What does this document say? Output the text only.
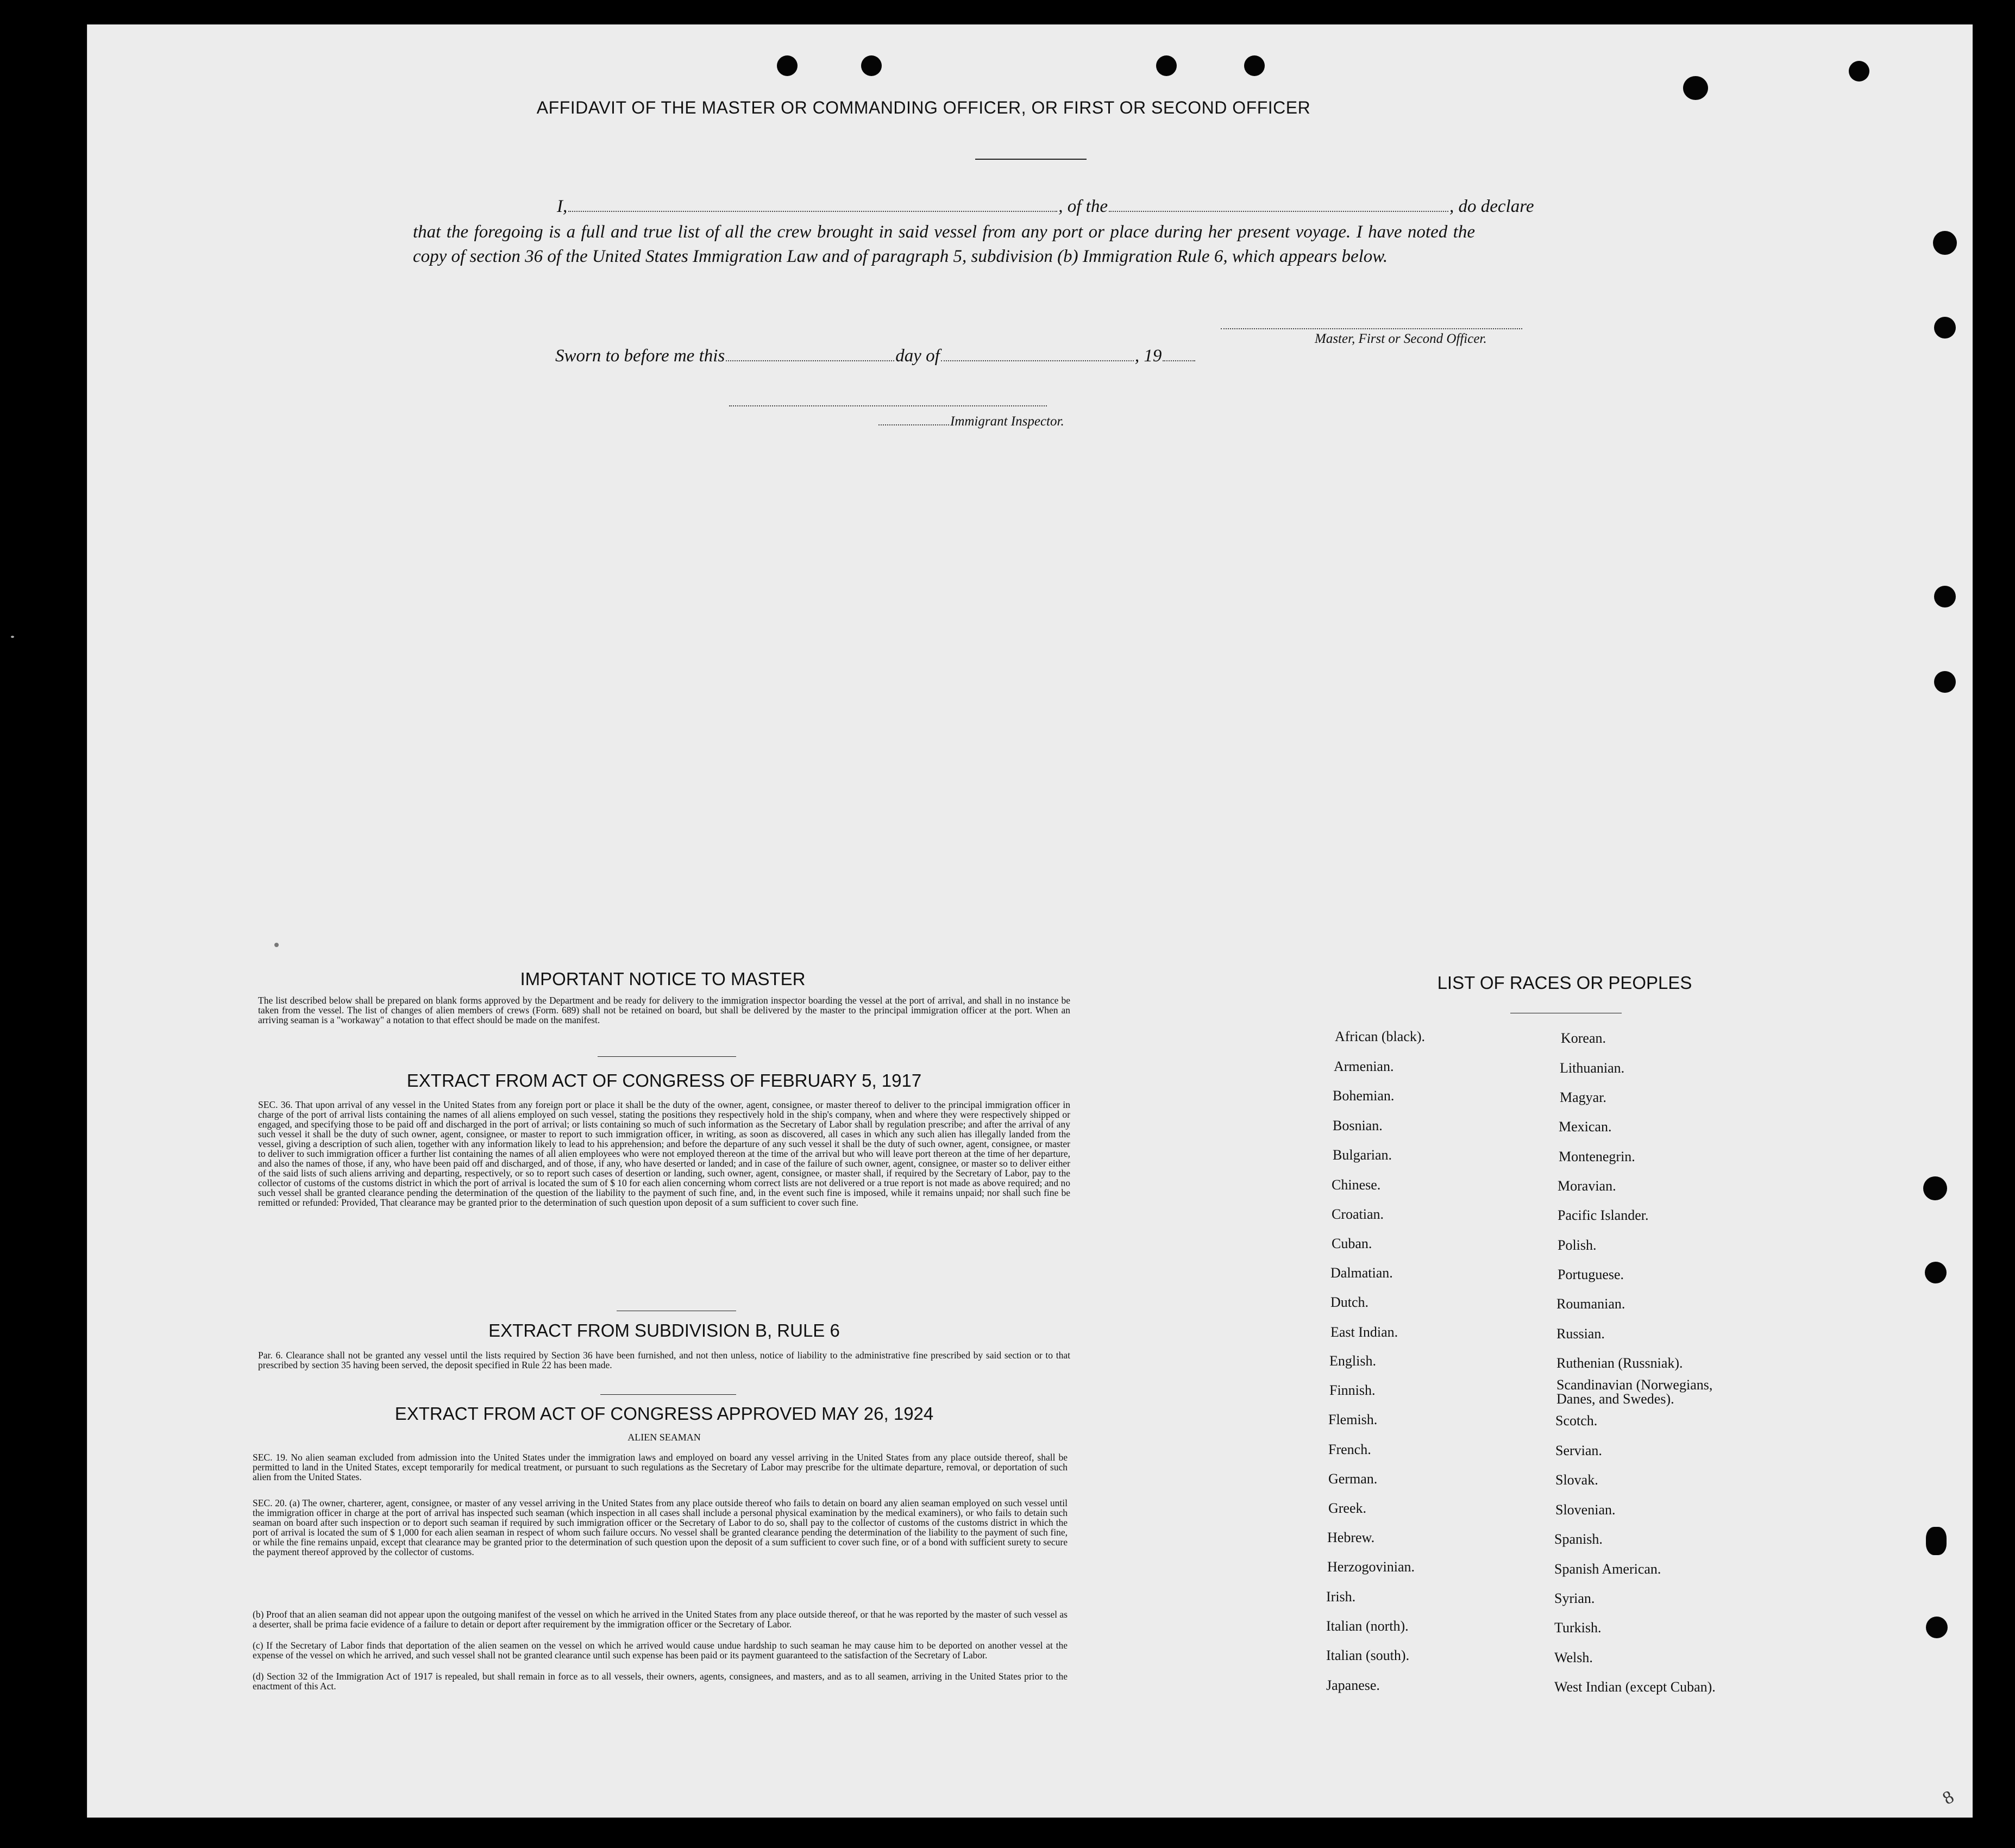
AFFIDAVIT OF THE MASTER OR COMMANDING OFFICER, OR FIRST OR SECOND OFFICER
I,	, of the	, do declare
that the foregoing is a full and true list of all the crew brought in said vessel from any port or place during her present voyage. I have noted the copy of section 36 of the United States Immigration Law and of paragraph 5, subdivision (b) Immigration Rule 6, which appears below.
Master, First or Second Officer.
Sworn to before me this	day of	, 19
Immigrant Inspector.
IMPORTANT NOTICE TO MASTER
The list described below shall be prepared on blank forms approved by the Department and be ready for delivery to the immigration inspector boarding the vessel at the port of arrival, and shall in no instance be taken from the vessel. The list of changes of alien members of crews (Form. 689) shall not be retained on board, but shall be delivered by the master to the principal immigration officer at the port. When an arriving seaman is a "workaway" a notation to that effect should be made on the manifest.
EXTRACT FROM ACT OF CONGRESS OF FEBRUARY 5, 1917
SEC. 36. That upon arrival of any vessel in the United States from any foreign port or place it shall be the duty of the owner, agent, consignee, or master thereof to deliver to the principal immigration officer in charge of the port of arrival lists containing the names of all aliens employed on such vessel, stating the positions they respectively hold in the ship's company, when and where they were respectively shipped or engaged, and specifying those to be paid off and discharged in the port of arrival; or lists containing so much of such information as the Secretary of Labor shall by regulation prescribe; and after the arrival of any such vessel it shall be the duty of such owner, agent, consignee, or master to report to such immigration officer, in writing, as soon as discovered, all cases in which any such alien has illegally landed from the vessel, giving a description of such alien, together with any information likely to lead to his apprehension; and before the departure of any such vessel it shall be the duty of such owner, agent, consignee, or master to deliver to such immigration officer a further list containing the names of all alien employees who were not employed thereon at the time of the arrival but who will leave port thereon at the time of her departure, and also the names of those, if any, who have been paid off and discharged, and of those, if any, who have deserted or landed; and in case of the failure of such owner, agent, consignee, or master so to deliver either of the said lists of such aliens arriving and departing, respectively, or so to report such cases of desertion or landing, such owner, agent, consignee, or master shall, if required by the Secretary of Labor, pay to the collector of customs of the customs district in which the port of arrival is located the sum of $ 10 for each alien concerning whom correct lists are not delivered or a true report is not made as above required; and no such vessel shall be granted clearance pending the determination of the question of the liability to the payment of such fine, and, in the event such fine is imposed, while it remains unpaid; nor shall such fine be remitted or refunded: Provided, That clearance may be granted prior to the determination of such question upon deposit of a sum sufficient to cover such fine.
EXTRACT FROM SUBDIVISION B, RULE 6
Par. 6. Clearance shall not be granted any vessel until the lists required by Section 36 have been furnished, and not then unless, notice of liability to the administrative fine prescribed by said section or to that prescribed by section 35 having been served, the deposit specified in Rule 22 has been made.
EXTRACT FROM ACT OF CONGRESS APPROVED MAY 26, 1924
ALIEN SEAMAN
SEC. 19. No alien seaman excluded from admission into the United States under the immigration laws and employed on board any vessel arriving in the United States from any place outside thereof, shall be permitted to land in the United States, except temporarily for medical treatment, or pursuant to such regulations as the Secretary of Labor may prescribe for the ultimate departure, removal, or deportation of such alien from the United States.
SEC. 20. (a) The owner, charterer, agent, consignee, or master of any vessel arriving in the United States from any place outside thereof who fails to detain on board any alien seaman employed on such vessel until the immigration officer in charge at the port of arrival has inspected such seaman (which inspection in all cases shall include a personal physical examination by the medical examiners), or who fails to detain such seaman on board after such inspection or to deport such seaman if required by such immigration officer or the Secretary of Labor to do so, shall pay to the collector of customs of the customs district in which the port of arrival is located the sum of $ 1,000 for each alien seaman in respect of whom such failure occurs. No vessel shall be granted clearance pending the determination of the liability to the payment of such fine, or while the fine remains unpaid, except that clearance may be granted prior to the determination of such question upon the deposit of a sum sufficient to cover such fine, or of a bond with sufficient surety to secure the payment thereof approved by the collector of customs.
(b) Proof that an alien seaman did not appear upon the outgoing manifest of the vessel on which he arrived in the United States from any place outside thereof, or that he was reported by the master of such vessel as a deserter, shall be prima facie evidence of a failure to detain or deport after requirement by the immigration officer or the Secretary of Labor.
(c) If the Secretary of Labor finds that deportation of the alien seamen on the vessel on which he arrived would cause undue hardship to such seaman he may cause him to be deported on another vessel at the expense of the vessel on which he arrived, and such vessel shall not be granted clearance until such expense has been paid or its payment guaranteed to the satisfaction of the Secretary of Labor.
(d) Section 32 of the Immigration Act of 1917 is repealed, but shall remain in force as to all vessels, their owners, agents, consignees, and masters, and as to all seamen, arriving in the United States prior to the enactment of this Act.
LIST OF RACES OR PEOPLES
African (black).
Armenian.
Bohemian.
Bosnian.
Bulgarian.
Chinese.
Croatian.
Cuban.
Dalmatian.
Dutch.
East Indian.
English.
Finnish.
Flemish.
French.
German.
Greek.
Hebrew.
Herzogovinian.
Irish.
Italian (north).
Italian (south).
Japanese.
Korean.
Lithuanian.
Magyar.
Mexican.
Montenegrin.
Moravian.
Pacific Islander.
Polish.
Portuguese.
Roumanian.
Russian.
Ruthenian (Russniak).
Scandinavian (Norwegians, Danes, and Swedes).
Scotch.
Servian.
Slovak.
Slovenian.
Spanish.
Spanish American.
Syrian.
Turkish.
Welsh.
West Indian (except Cuban).
8
